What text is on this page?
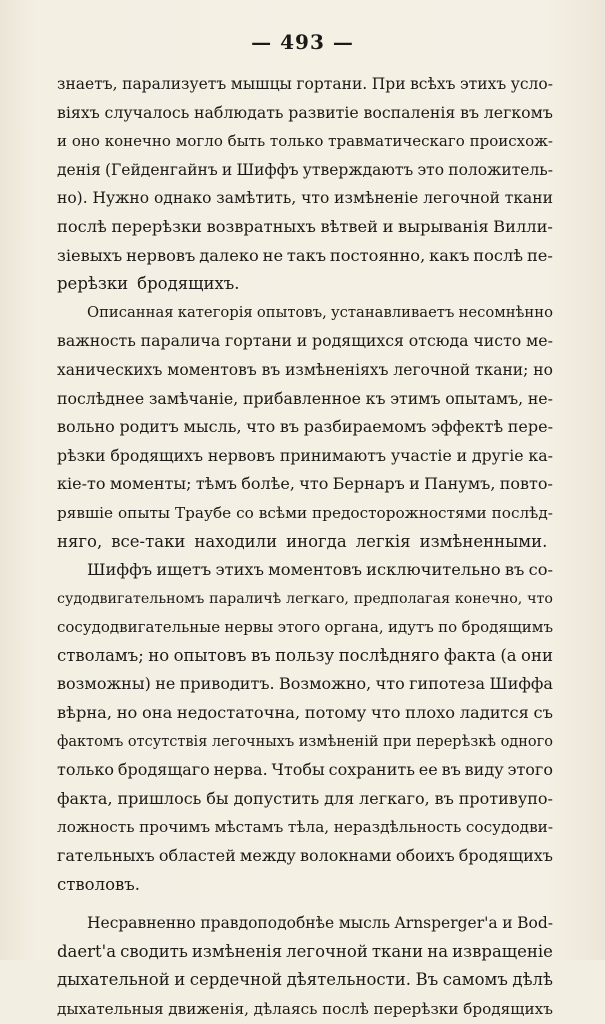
— 493 —
знаетъ, парализуетъ мышцы гортани. При всѣхъ этихъ усло-
віяхъ случалось наблюдать развитіе воспаленія въ легкомъ
и оно конечно могло быть только травматическаго происхож-
денія (Гейденгайнъ и Шиффъ утверждаютъ это положитель-
но). Нужно однако замѣтить, что измѣненіе легочной ткани
послѣ перерѣзки возвратныхъ вѣтвей и вырыванія Вилли-
зіевыхъ нервовъ далеко не такъ постоянно, какъ послѣ пе-
рерѣзки бродящихъ.
Описанная категорія опытовъ, устанавливаетъ несомнѣнно
важность паралича гортани и родящихся отсюда чисто ме-
ханическихъ моментовъ въ измѣненіяхъ легочной ткани; но
послѣднее замѣчаніе, прибавленное къ этимъ опытамъ, не-
вольно родитъ мысль, что въ разбираемомъ эффектѣ пере-
рѣзки бродящихъ нервовъ принимаютъ участіе и другіе ка-
кіе-то моменты; тѣмъ болѣе, что Бернаръ и Панумъ, повто-
рявшіе опыты Траубе со всѣми предосторожностями послѣд-
няго, все-таки находили иногда легкія измѣненными.
Шиффъ ищетъ этихъ моментовъ исключительно въ со-
судодвигательномъ параличѣ легкаго, предполагая конечно, что
сосудодвигательные нервы этого органа, идутъ по бродящимъ
стволамъ; но опытовъ въ пользу послѣдняго факта (а они
возможны) не приводитъ. Возможно, что гипотеза Шиффа
вѣрна, но она недостаточна, потому что плохо ладится съ
фактомъ отсутствія легочныхъ измѣненій при перерѣзкѣ одного
только бродящаго нерва. Чтобы сохранить ее въ виду этого
факта, пришлось бы допустить для легкаго, въ противупо-
ложность прочимъ мѣстамъ тѣла, нераздѣльность сосудодви-
гательныхъ областей между волокнами обоихъ бродящихъ
стволовъ.
Несравненно правдоподобнѣе мысль Arnsperger'а и Bod-
daert'а сводить измѣненія легочной ткани на извращеніе
дыхательной и сердечной дѣятельности. Въ самомъ дѣлѣ
дыхательныя движенія, дѣлаясь послѣ перерѣзки бродящихъ
